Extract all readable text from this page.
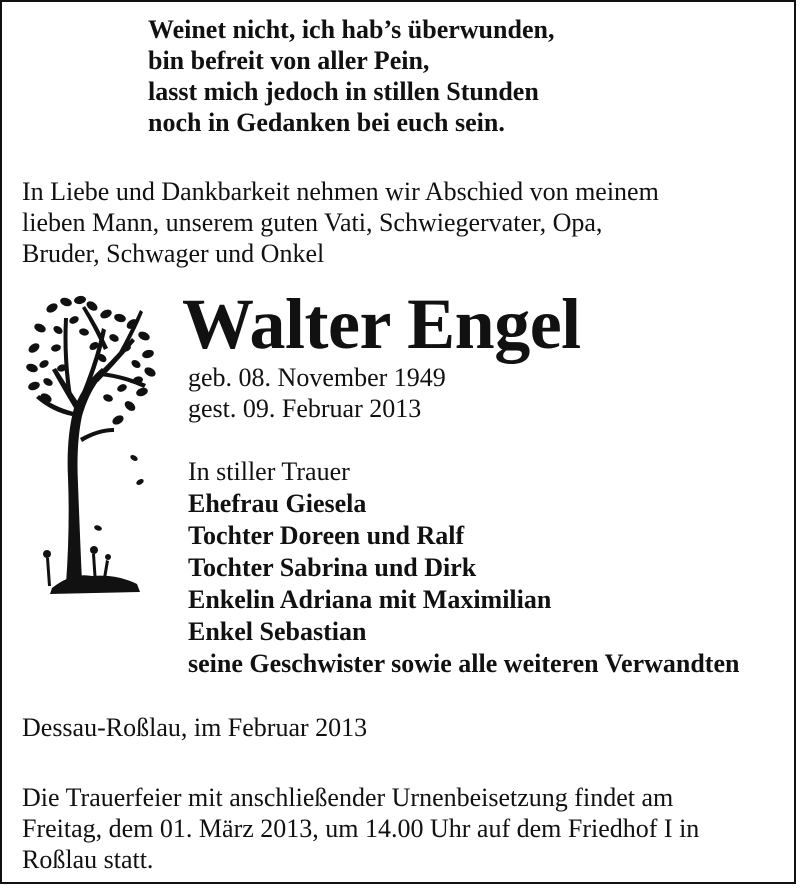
Weinet nicht, ich hab’s überwunden,
bin befreit von aller Pein,
lasst mich jedoch in stillen Stunden
noch in Gedanken bei euch sein.
In Liebe und Dankbarkeit nehmen wir Abschied von meinem
lieben Mann, unserem guten Vati, Schwiegervater, Opa,
Bruder, Schwager und Onkel
Walter Engel
geb. 08. November 1949
gest. 09. Februar 2013
In stiller Trauer
Ehefrau Giesela
Tochter Doreen und Ralf
Tochter Sabrina und Dirk
Enkelin Adriana mit Maximilian
Enkel Sebastian
seine Geschwister sowie alle weiteren Verwandten
Dessau-Roßlau, im Februar 2013
Die Trauerfeier mit anschließender Urnenbeisetzung findet am
Freitag, dem 01. März 2013, um 14.00 Uhr auf dem Friedhof I in
Roßlau statt.
